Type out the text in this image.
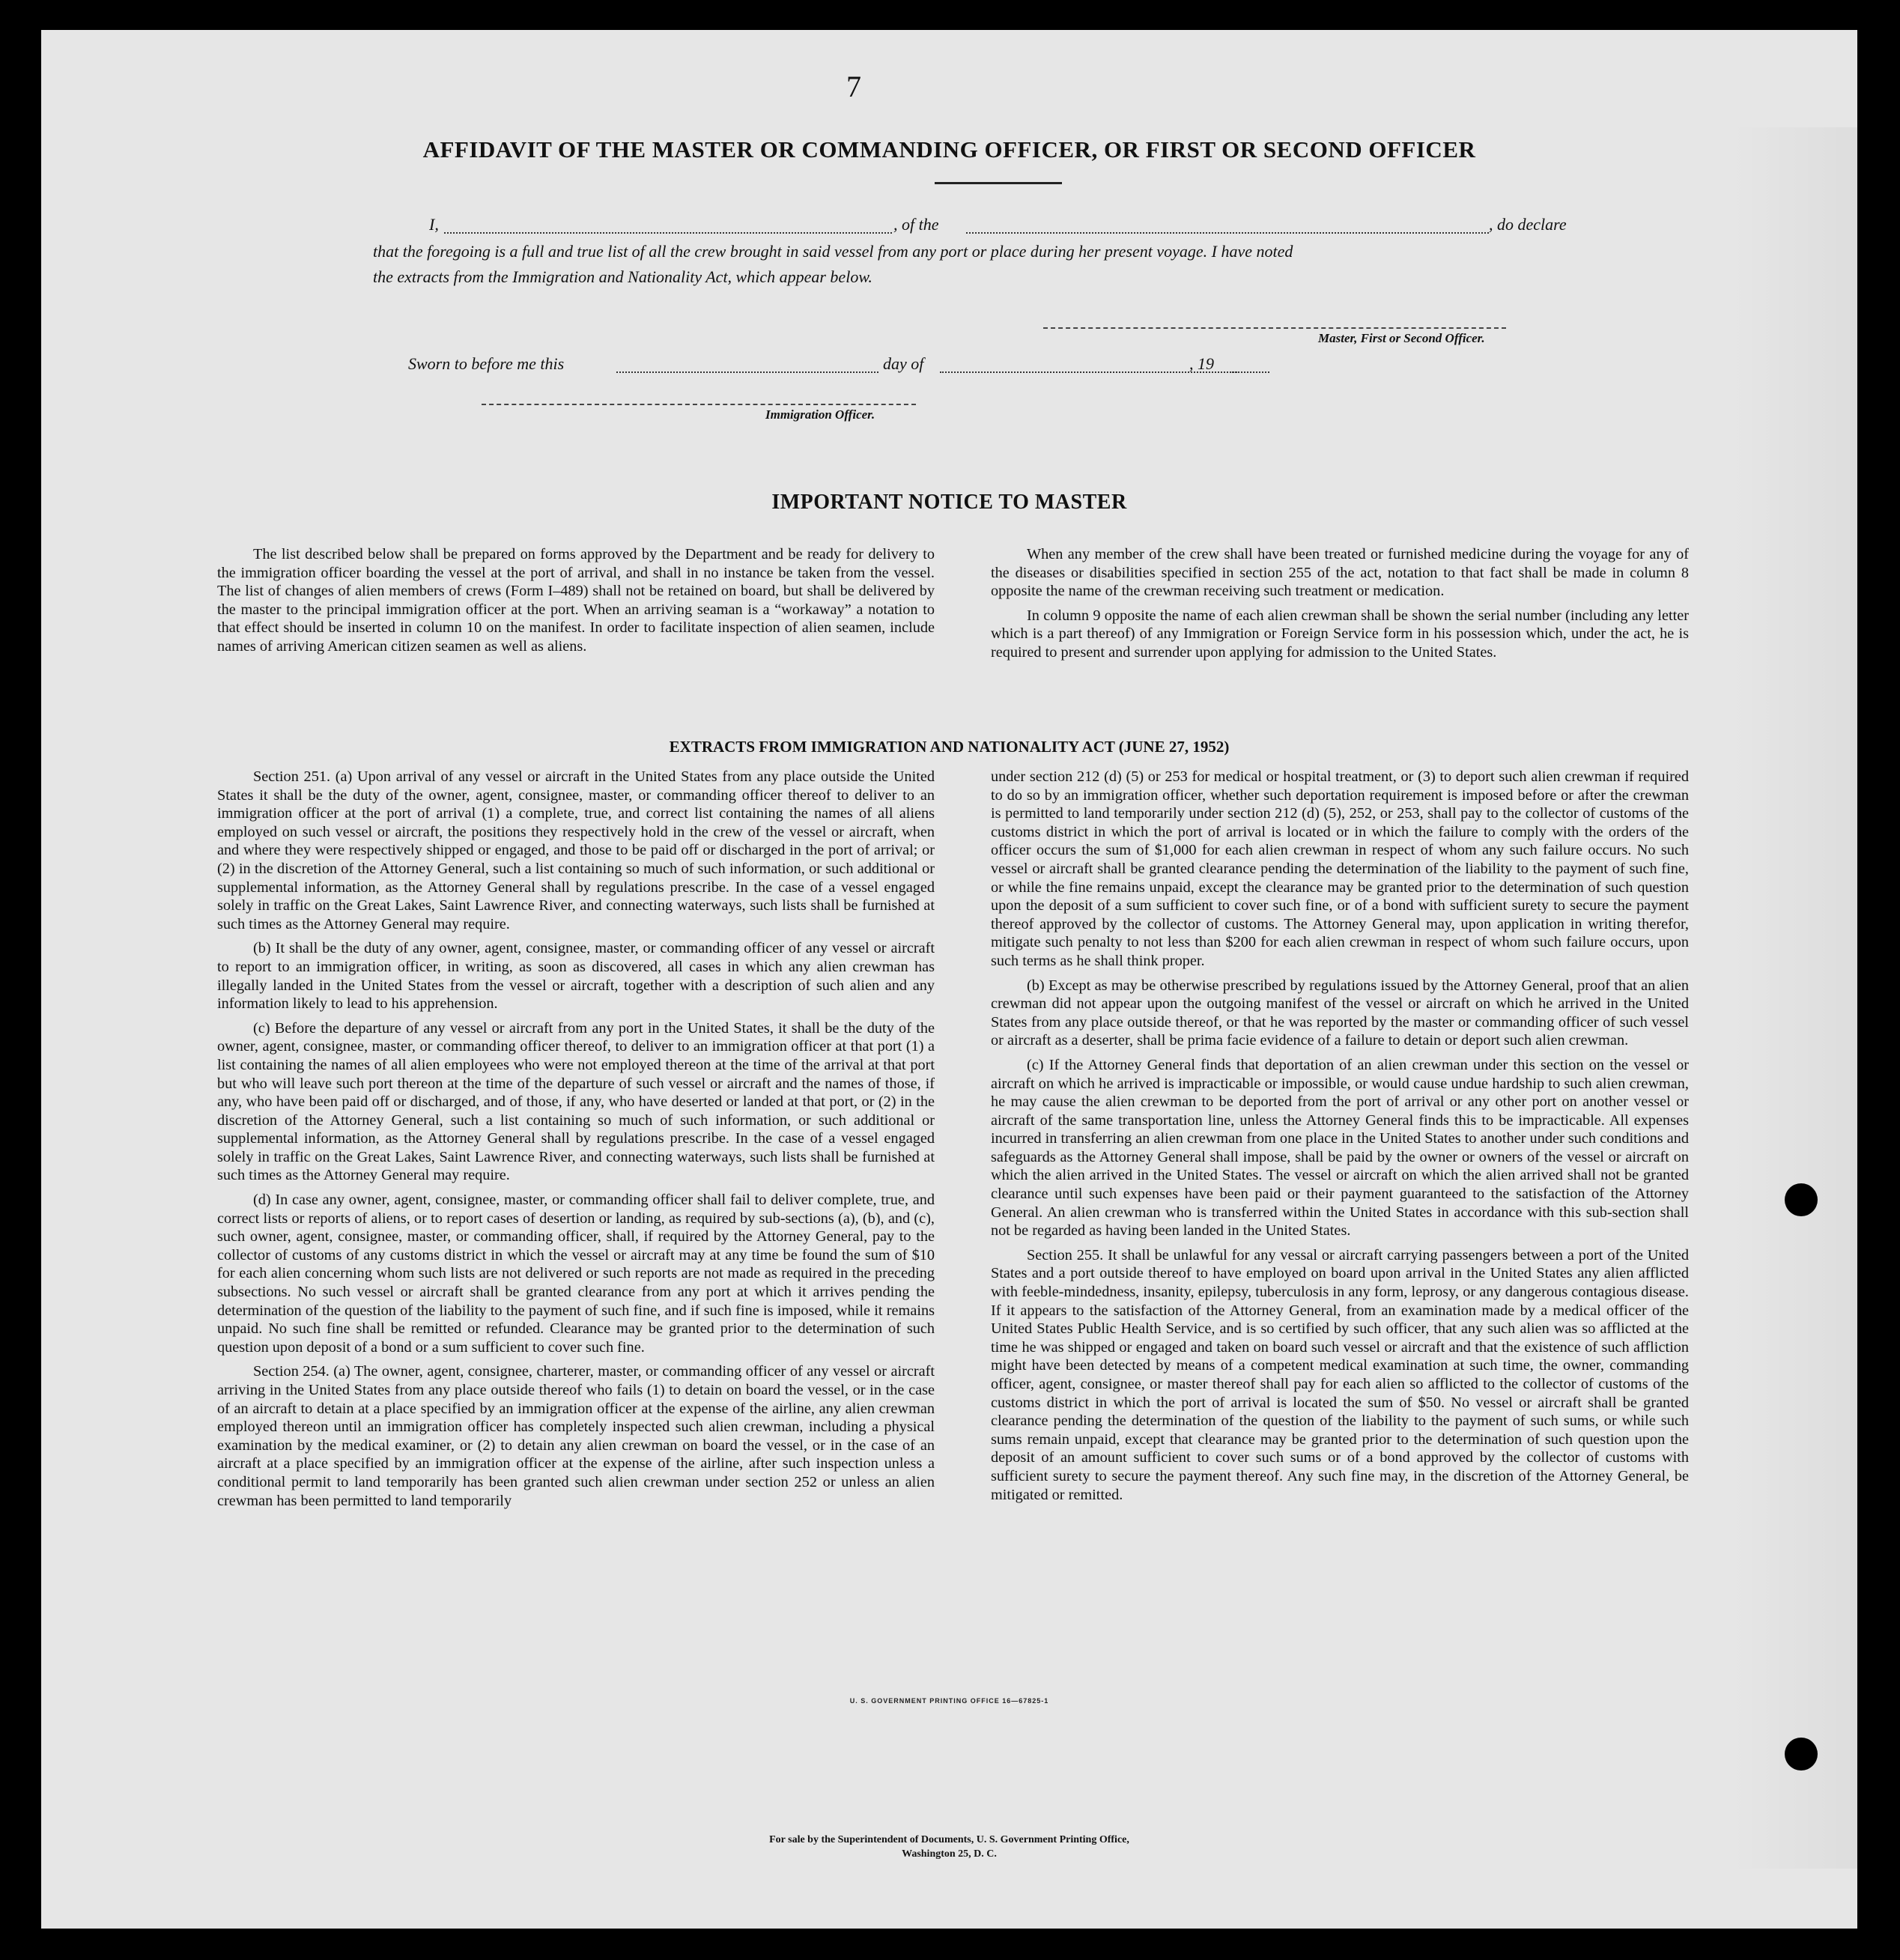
7
AFFIDAVIT OF THE MASTER OR COMMANDING OFFICER, OR FIRST OR SECOND OFFICER
I,	, of the	, do declare
that the foregoing is a full and true list of all the crew brought in said vessel from any port or place during her present voyage. I have noted
the extracts from the Immigration and Nationality Act, which appear below.
Master, First or Second Officer.
Sworn to before me this	day of	, 19
Immigration Officer.
IMPORTANT NOTICE TO MASTER

The list described below shall be prepared on forms approved by the Department and be ready for delivery to the immigration officer boarding the vessel at the port of arrival, and shall in no instance be taken from the vessel. The list of changes of alien members of crews (Form I–489) shall not be retained on board, but shall be delivered by the master to the principal immigration officer at the port. When an arriving seaman is a “workaway” a notation to that effect should be inserted in column 10 on the manifest. In order to facilitate inspection of alien seamen, include names of arriving American citizen seamen as well as aliens.

When any member of the crew shall have been treated or furnished medicine during the voyage for any of the diseases or disabilities specified in section 255 of the act, notation to that fact shall be made in column 8 opposite the name of the crewman receiving such treatment or medication.

In column 9 opposite the name of each alien crewman shall be shown the serial number (including any letter which is a part thereof) of any Immigration or Foreign Service form in his possession which, under the act, he is required to present and surrender upon applying for admission to the United States.

EXTRACTS FROM IMMIGRATION AND NATIONALITY ACT (JUNE 27, 1952)

Section 251. (a) Upon arrival of any vessel or aircraft in the United States from any place outside the United States it shall be the duty of the owner, agent, consignee, master, or commanding officer thereof to deliver to an immigration officer at the port of arrival (1) a complete, true, and correct list containing the names of all aliens employed on such vessel or aircraft, the positions they respectively hold in the crew of the vessel or aircraft, when and where they were respectively shipped or engaged, and those to be paid off or discharged in the port of arrival; or (2) in the discretion of the Attorney General, such a list containing so much of such information, or such additional or supplemental information, as the Attorney General shall by regulations prescribe. In the case of a vessel engaged solely in traffic on the Great Lakes, Saint Lawrence River, and connecting waterways, such lists shall be furnished at such times as the Attorney General may require.

(b) It shall be the duty of any owner, agent, consignee, master, or commanding officer of any vessel or aircraft to report to an immigration officer, in writing, as soon as discovered, all cases in which any alien crewman has illegally landed in the United States from the vessel or aircraft, together with a description of such alien and any information likely to lead to his apprehension.

(c) Before the departure of any vessel or aircraft from any port in the United States, it shall be the duty of the owner, agent, consignee, master, or commanding officer thereof, to deliver to an immigration officer at that port (1) a list containing the names of all alien employees who were not employed thereon at the time of the arrival at that port but who will leave such port thereon at the time of the departure of such vessel or aircraft and the names of those, if any, who have been paid off or discharged, and of those, if any, who have deserted or landed at that port, or (2) in the discretion of the Attorney General, such a list containing so much of such information, or such additional or supplemental information, as the Attorney General shall by regulations prescribe. In the case of a vessel engaged solely in traffic on the Great Lakes, Saint Lawrence River, and connecting waterways, such lists shall be furnished at such times as the Attorney General may require.

(d) In case any owner, agent, consignee, master, or commanding officer shall fail to deliver complete, true, and correct lists or reports of aliens, or to report cases of desertion or landing, as required by sub-sections (a), (b), and (c), such owner, agent, consignee, master, or commanding officer, shall, if required by the Attorney General, pay to the collector of customs of any customs district in which the vessel or aircraft may at any time be found the sum of $10 for each alien concerning whom such lists are not delivered or such reports are not made as required in the preceding subsections. No such vessel or aircraft shall be granted clearance from any port at which it arrives pending the determination of the question of the liability to the payment of such fine, and if such fine is imposed, while it remains unpaid. No such fine shall be remitted or refunded. Clearance may be granted prior to the determination of such question upon deposit of a bond or a sum sufficient to cover such fine.

Section 254. (a) The owner, agent, consignee, charterer, master, or commanding officer of any vessel or aircraft arriving in the United States from any place outside thereof who fails (1) to detain on board the vessel, or in the case of an aircraft to detain at a place specified by an immigration officer at the expense of the airline, any alien crewman employed thereon until an immigration officer has completely inspected such alien crewman, including a physical examination by the medical examiner, or (2) to detain any alien crewman on board the vessel, or in the case of an aircraft at a place specified by an immigration officer at the expense of the airline, after such inspection unless a conditional permit to land temporarily has been granted such alien crewman under section 252 or unless an alien crewman has been permitted to land temporarily

under section 212 (d) (5) or 253 for medical or hospital treatment, or (3) to deport such alien crewman if required to do so by an immigration officer, whether such deportation requirement is imposed before or after the crewman is permitted to land temporarily under section 212 (d) (5), 252, or 253, shall pay to the collector of customs of the customs district in which the port of arrival is located or in which the failure to comply with the orders of the officer occurs the sum of $1,000 for each alien crewman in respect of whom any such failure occurs. No such vessel or aircraft shall be granted clearance pending the determination of the liability to the payment of such fine, or while the fine remains unpaid, except the clearance may be granted prior to the determination of such question upon the deposit of a sum sufficient to cover such fine, or of a bond with sufficient surety to secure the payment thereof approved by the collector of customs. The Attorney General may, upon application in writing therefor, mitigate such penalty to not less than $200 for each alien crewman in respect of whom such failure occurs, upon such terms as he shall think proper.

(b) Except as may be otherwise prescribed by regulations issued by the Attorney General, proof that an alien crewman did not appear upon the outgoing manifest of the vessel or aircraft on which he arrived in the United States from any place outside thereof, or that he was reported by the master or commanding officer of such vessel or aircraft as a deserter, shall be prima facie evidence of a failure to detain or deport such alien crewman.

(c) If the Attorney General finds that deportation of an alien crewman under this section on the vessel or aircraft on which he arrived is impracticable or impossible, or would cause undue hardship to such alien crewman, he may cause the alien crewman to be deported from the port of arrival or any other port on another vessel or aircraft of the same transportation line, unless the Attorney General finds this to be impracticable. All expenses incurred in transferring an alien crewman from one place in the United States to another under such conditions and safeguards as the Attorney General shall impose, shall be paid by the owner or owners of the vessel or aircraft on which the alien arrived in the United States. The vessel or aircraft on which the alien arrived shall not be granted clearance until such expenses have been paid or their payment guaranteed to the satisfaction of the Attorney General. An alien crewman who is transferred within the United States in accordance with this sub-section shall not be regarded as having been landed in the United States.

Section 255. It shall be unlawful for any vessal or aircraft carrying passengers between a port of the United States and a port outside thereof to have employed on board upon arrival in the United States any alien afflicted with feeble-mindedness, insanity, epilepsy, tuberculosis in any form, leprosy, or any dangerous contagious disease. If it appears to the satisfaction of the Attorney General, from an examination made by a medical officer of the United States Public Health Service, and is so certified by such officer, that any such alien was so afflicted at the time he was shipped or engaged and taken on board such vessel or aircraft and that the existence of such affliction might have been detected by means of a competent medical examination at such time, the owner, commanding officer, agent, consignee, or master thereof shall pay for each alien so afflicted to the collector of customs of the customs district in which the port of arrival is located the sum of $50. No vessel or aircraft shall be granted clearance pending the determination of the question of the liability to the payment of such sums, or while such sums remain unpaid, except that clearance may be granted prior to the determination of such question upon the deposit of an amount sufficient to cover such sums or of a bond approved by the collector of customs with sufficient surety to secure the payment thereof. Any such fine may, in the discretion of the Attorney General, be mitigated or remitted.

U. S. GOVERNMENT PRINTING OFFICE 16—67825-1
For sale by the Superintendent of Documents, U. S. Government Printing Office,
Washington 25, D. C.
